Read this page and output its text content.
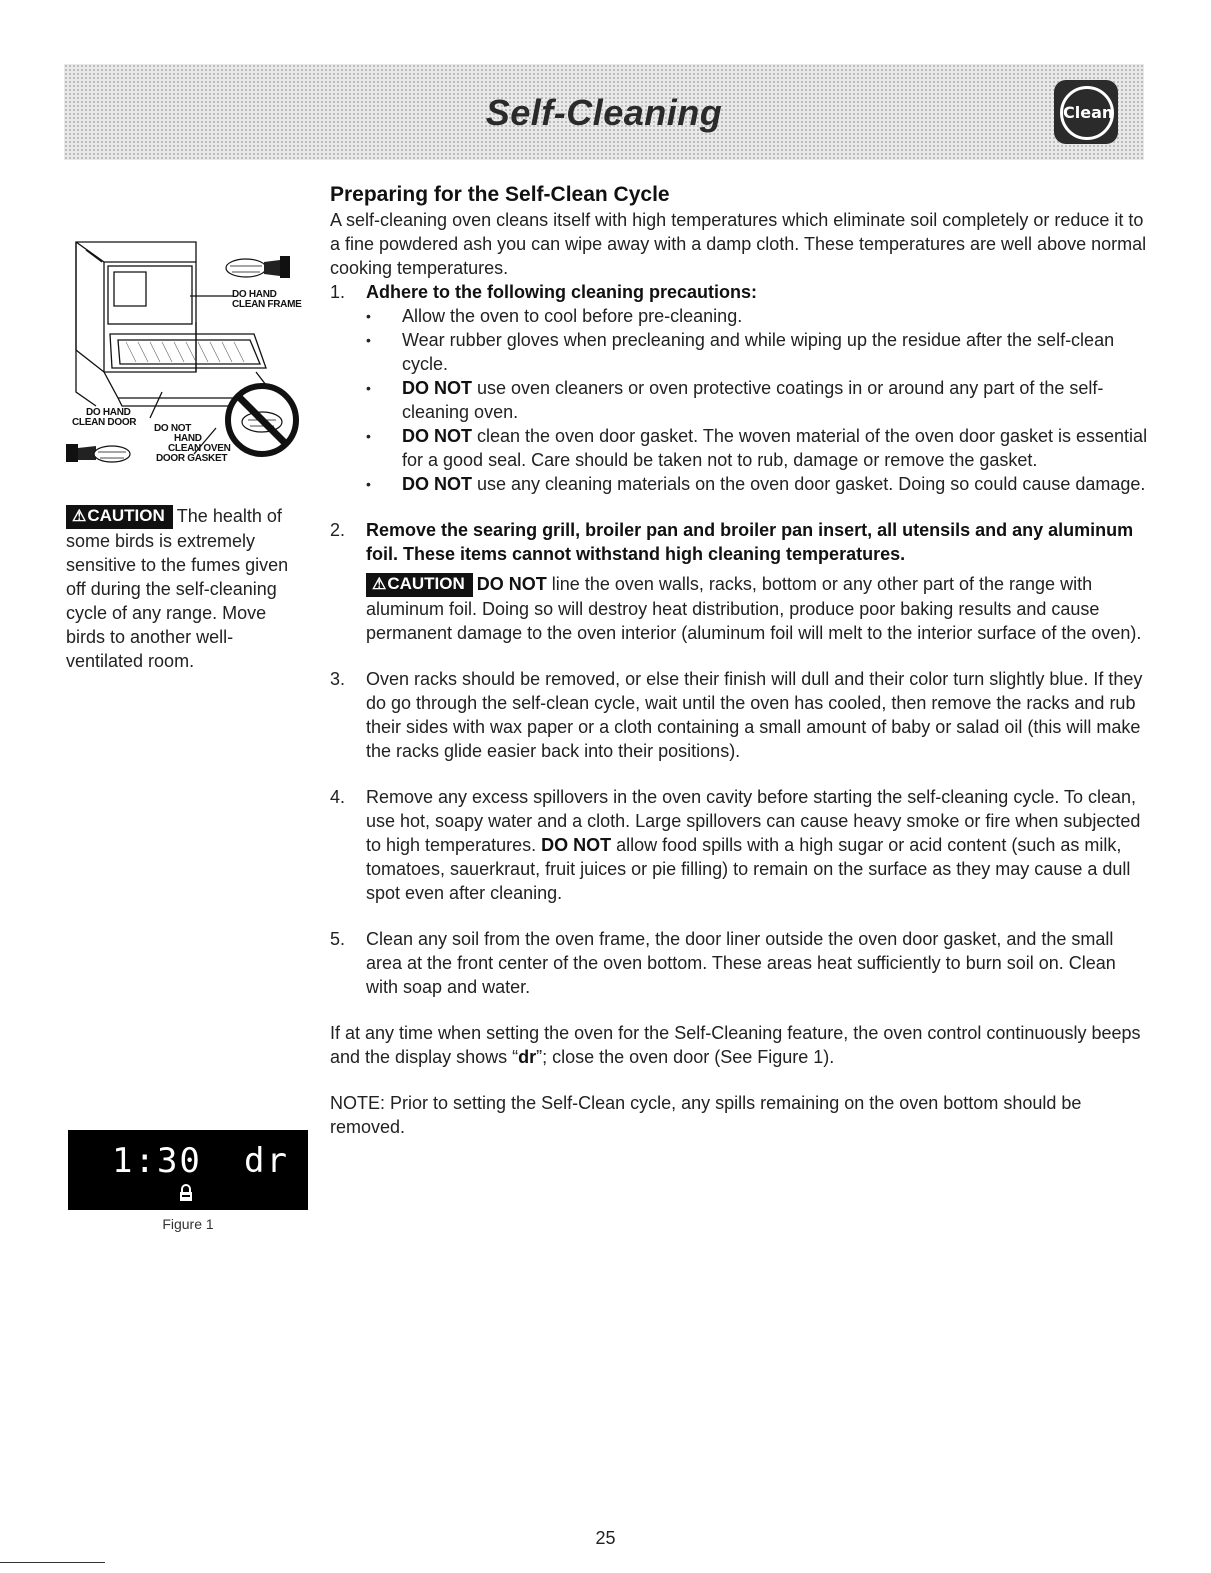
Self-Cleaning	Clean
DO HAND
CLEAN FRAME
DO HAND
CLEAN DOOR
DO NOT
HAND
CLEAN OVEN
DOOR GASKET
⚠CAUTION The health of some birds is extremely sensitive to the fumes given off during the self-cleaning cycle of any range. Move birds to another well-ventilated room.
Preparing for the Self-Clean Cycle

A self-cleaning oven cleans itself with high temperatures which eliminate soil completely or reduce it to a fine powdered ash you can wipe away with a damp cloth. These temperatures are well above normal cooking temperatures.

1. Adhere to the following cleaning precautions:
• Allow the oven to cool before pre-cleaning.
• Wear rubber gloves when precleaning and while wiping up the residue after the self-clean cycle.
• DO NOT use oven cleaners or oven protective coatings in or around any part of the self-cleaning oven.
• DO NOT clean the oven door gasket. The woven material of the oven door gasket is essential for a good seal. Care should be taken not to rub, damage or remove the gasket.
• DO NOT use any cleaning materials on the oven door gasket. Doing so could cause damage.
2. Remove the searing grill, broiler pan and broiler pan insert, all utensils and any aluminum foil. These items cannot withstand high cleaning temperatures.
⚠CAUTION DO NOT line the oven walls, racks, bottom or any other part of the range with aluminum foil. Doing so will destroy heat distribution, produce poor baking results and cause permanent damage to the oven interior (aluminum foil will melt to the interior surface of the oven).
3. Oven racks should be removed, or else their finish will dull and their color turn slightly blue. If they do go through the self-clean cycle, wait until the oven has cooled, then remove the racks and rub their sides with wax paper or a cloth containing a small amount of baby or salad oil (this will make the racks glide easier back into their positions).
4. Remove any excess spillovers in the oven cavity before starting the self-cleaning cycle. To clean, use hot, soapy water and a cloth. Large spillovers can cause heavy smoke or fire when subjected to high temperatures. DO NOT allow food spills with a high sugar or acid content (such as milk, tomatoes, sauerkraut, fruit juices or pie filling) to remain on the surface as they may cause a dull spot even after cleaning.
5. Clean any soil from the oven frame, the door liner outside the oven door gasket, and the small area at the front center of the oven bottom. These areas heat sufficiently to burn soil on. Clean with soap and water.

If at any time when setting the oven for the Self-Cleaning feature, the oven control continuously beeps and the display shows “dr”; close the oven door (See Figure 1).

NOTE: Prior to setting the Self-Clean cycle, any spills remaining on the oven bottom should be removed.

1:30 dr
Figure 1
25
